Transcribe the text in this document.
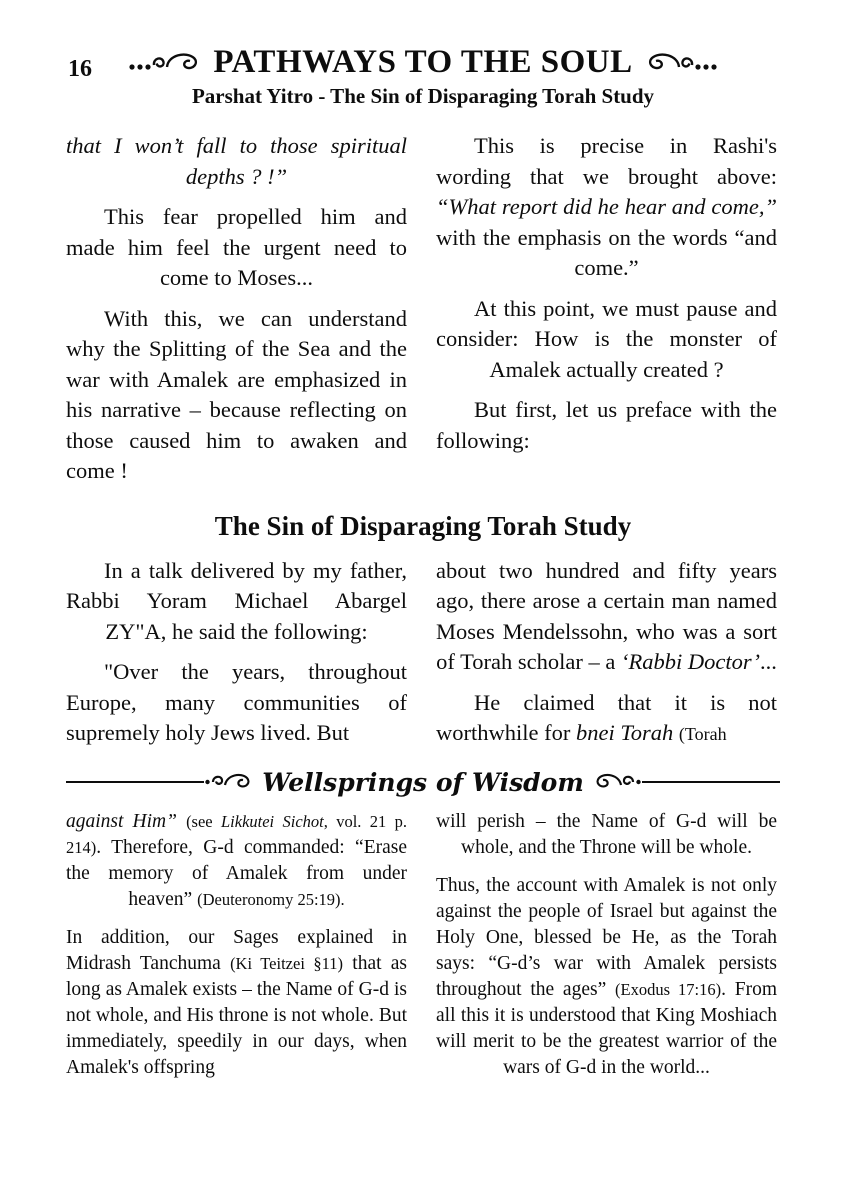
16	PATHWAYS TO THE SOUL
Parshat Yitro - The Sin of Disparaging Torah Study

that I won’t fall to those spiritual depths ? !”

This fear propelled him and made him feel the urgent need to come to Moses...

With this, we can understand why the Splitting of the Sea and the war with Amalek are emphasized in his narrative – because reflecting on those caused him to awaken and come !

This is precise in Rashi's wording that we brought above: “What report did he hear and come,” with the emphasis on the words “and come.”

At this point, we must pause and consider: How is the monster of Amalek actually created ?

But first, let us preface with the following:

The Sin of Disparaging Torah Study

In a talk delivered by my father, Rabbi Yoram Michael Abargel ZY"A, he said the following:

"Over the years, throughout Europe, many communities of supremely holy Jews lived. But

about two hundred and fifty years ago, there arose a certain man named Moses Mendelssohn, who was a sort of Torah scholar – a ‘Rabbi Doctor’...

He claimed that it is not worthwhile for bnei Torah (Torah

Wellsprings of Wisdom

against Him” (see Likkutei Sichot, vol. 21 p. 214). Therefore, G-d commanded: “Erase the memory of Amalek from under heaven” (Deuteronomy 25:19).

In addition, our Sages explained in Midrash Tanchuma (Ki Teitzei §11) that as long as Amalek exists – the Name of G-d is not whole, and His throne is not whole. But immediately, speedily in our days, when Amalek's offspring

will perish – the Name of G-d will be whole, and the Throne will be whole.

Thus, the account with Amalek is not only against the people of Israel but against the Holy One, blessed be He, as the Torah says: “G-d’s war with Amalek persists throughout the ages” (Exodus 17:16). From all this it is understood that King Moshiach will merit to be the greatest warrior of the wars of G-d in the world...
